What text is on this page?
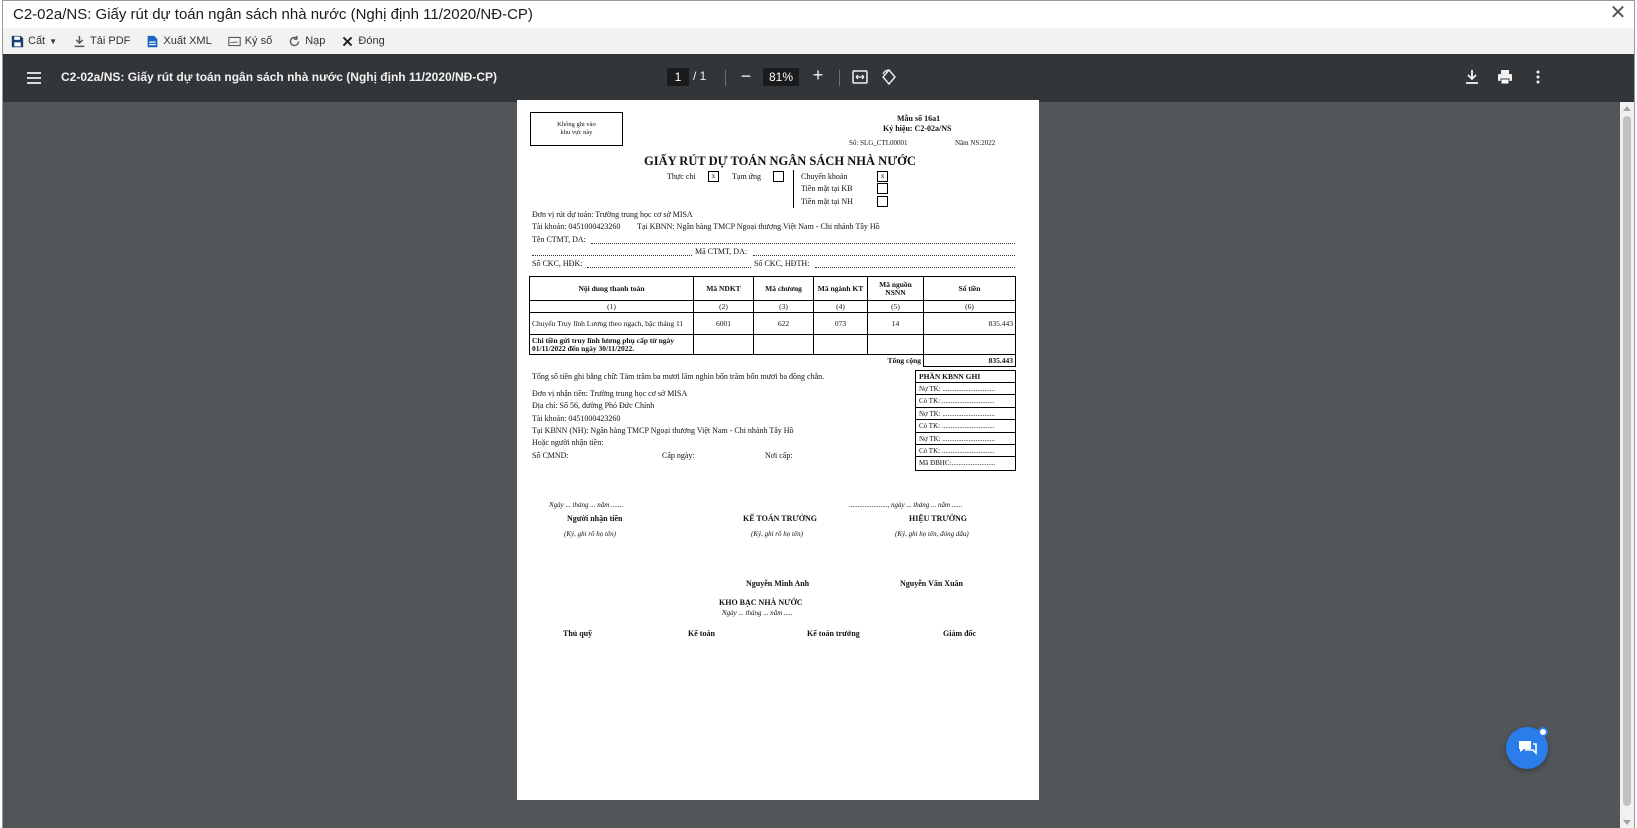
C2-02a/NS: Giấy rút dự toán ngân sách nhà nước (Nghị định 11/2020/NĐ-CP)	✕
Cất ▼	Tải PDF	Xuất XML	Ký số	Nạp	Đóng
C2-02a/NS: Giấy rút dự toán ngân sách nhà nước (Nghị định 11/2020/NĐ-CP)	1 / 1 −	81%	+
Không ghi vào
khu vực này
Mẫu số 16a1
Ký hiệu: C2-02a/NS
Số: SLG_CTL00001	Năm NS:2022
GIẤY RÚT DỰ TOÁN NGÂN SÁCH NHÀ NƯỚC
Thực chi	x	Tạm ứng	Chuyển khoản	x
Tiền mặt tại KB
Tiền mặt tại NH
Đơn vị rút dự toán: Trường trung học cơ sở MISA
Tài khoản: 0451000423260 Tại KBNN: Ngân hàng TMCP Ngoại thương Việt Nam - Chi nhánh Tây Hồ
Tên CTMT, DA:
Mã CTMT, DA:
Số CKC, HĐK:	Số CKC, HĐTH:
Nội dung thanh toán	Mã NDKT	Mã chương	Mã ngành KT	Mã nguồn NSNN	Số tiền
(1)	(2)	(3)	(4)	(5)	(6)
Chuyển Truy lĩnh Lương theo ngạch, bậc tháng 11	6001	622	073	14	835.443
Chi tiền gửi truy lĩnh lương phụ cấp từ ngày 01/11/2022 đến ngày 30/11/2022.					
Tổng cộng					835.443
Tổng số tiền ghi bằng chữ: Tám trăm ba mươi lăm nghìn bốn trăm bốn mươi ba đồng chẵn.
Đơn vị nhận tiền: Trường trung học cơ sở MISA
Địa chỉ: Số 56, đường Phó Đức Chính
Tài khoản: 0451000423260
Tại KBNN (NH): Ngân hàng TMCP Ngoại thương Việt Nam - Chi nhánh Tây Hồ
Hoặc người nhận tiền:
Số CMND:	Cấp ngày:	Nơi cấp:
PHẦN KBNN GHI
Nợ TK: ..............................
Có TK: ..............................
Nợ TK: ..............................
Có TK: ..............................
Nợ TK: ..............................
Có TK: ..............................
Mã ĐBHC:.........................
Ngày ... tháng ... năm .......	......................, ngày ... tháng ... năm ......
Người nhận tiền
(Ký, ghi rõ họ tên)
KẾ TOÁN TRƯỞNG
(Ký, ghi rõ họ tên)
HIỆU TRƯỞNG
(Ký, ghi họ tên, đóng dấu)
Nguyễn Minh Anh	Nguyễn Văn Xuân
KHO BẠC NHÀ NƯỚC
Ngày ... tháng ... năm .....
Thủ quỹ	Kế toán	Kế toán trưởng	Giám đốc
